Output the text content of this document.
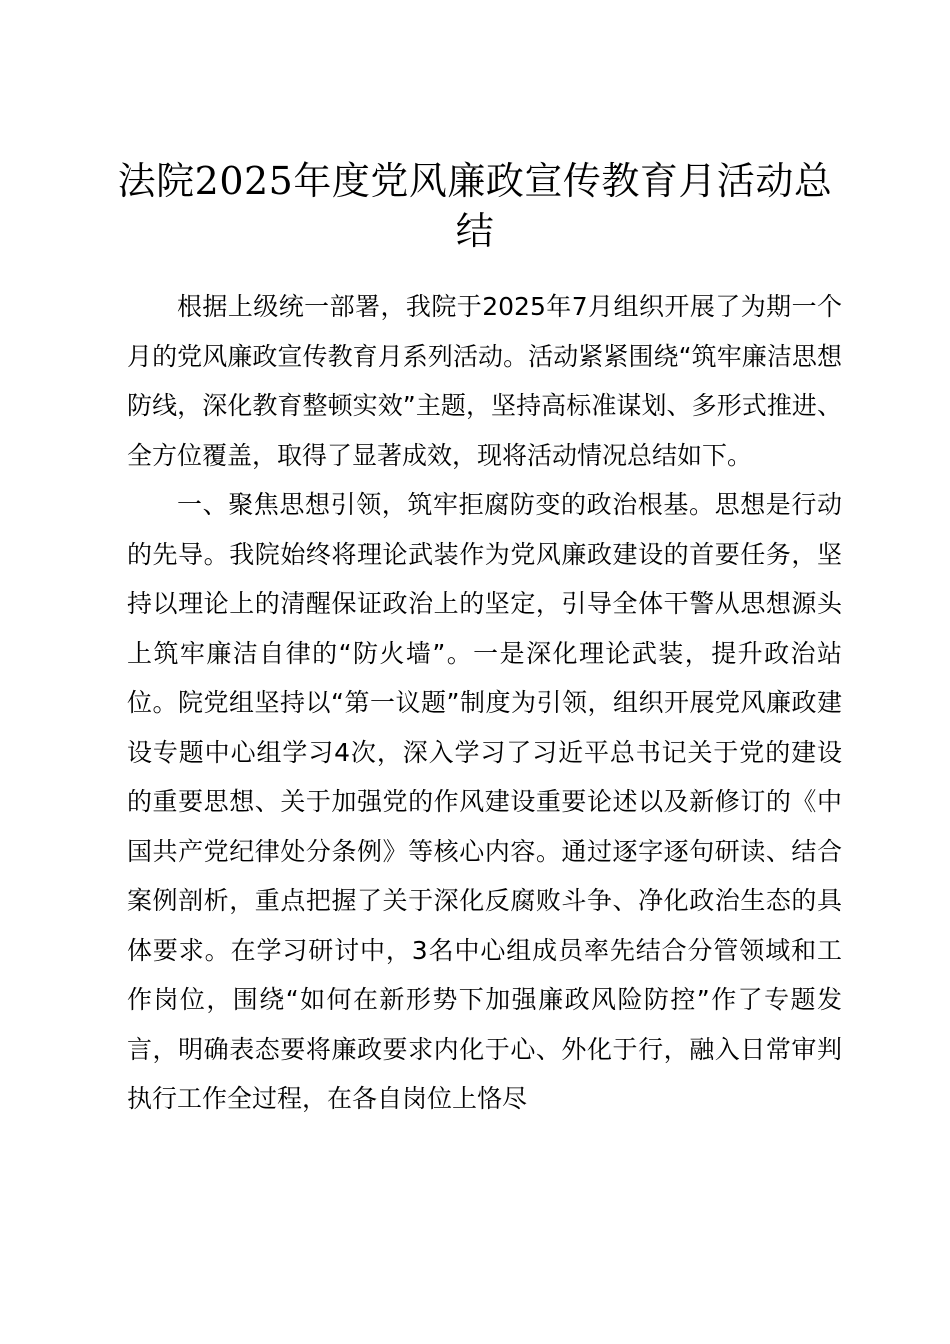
法院2025年度党风廉政宣传教育月活动总结

根据上级统一部署，我院于2025年7月组织开展了为期一个月的党风廉政宣传教育月系列活动。活动紧紧围绕“筑牢廉洁思想防线，深化教育整顿实效”主题，坚持高标准谋划、多形式推进、全方位覆盖，取得了显著成效，现将活动情况总结如下。

一、聚焦思想引领，筑牢拒腐防变的政治根基。思想是行动的先导。我院始终将理论武装作为党风廉政建设的首要任务，坚持以理论上的清醒保证政治上的坚定，引导全体干警从思想源头上筑牢廉洁自律的“防火墙”。一是深化理论武装，提升政治站位。院党组坚持以“第一议题”制度为引领，组织开展党风廉政建设专题中心组学习4次，深入学习了习近平总书记关于党的建设的重要思想、关于加强党的作风建设重要论述以及新修订的《中国共产党纪律处分条例》等核心内容。通过逐字逐句研读、结合案例剖析，重点把握了关于深化反腐败斗争、净化政治生态的具体要求。在学习研讨中，3名中心组成员率先结合分管领域和工作岗位，围绕“如何在新形势下加强廉政风险防控”作了专题发言，明确表态要将廉政要求内化于心、外化于行，融入日常审判执行工作全过程，在各自岗位上恪尽
